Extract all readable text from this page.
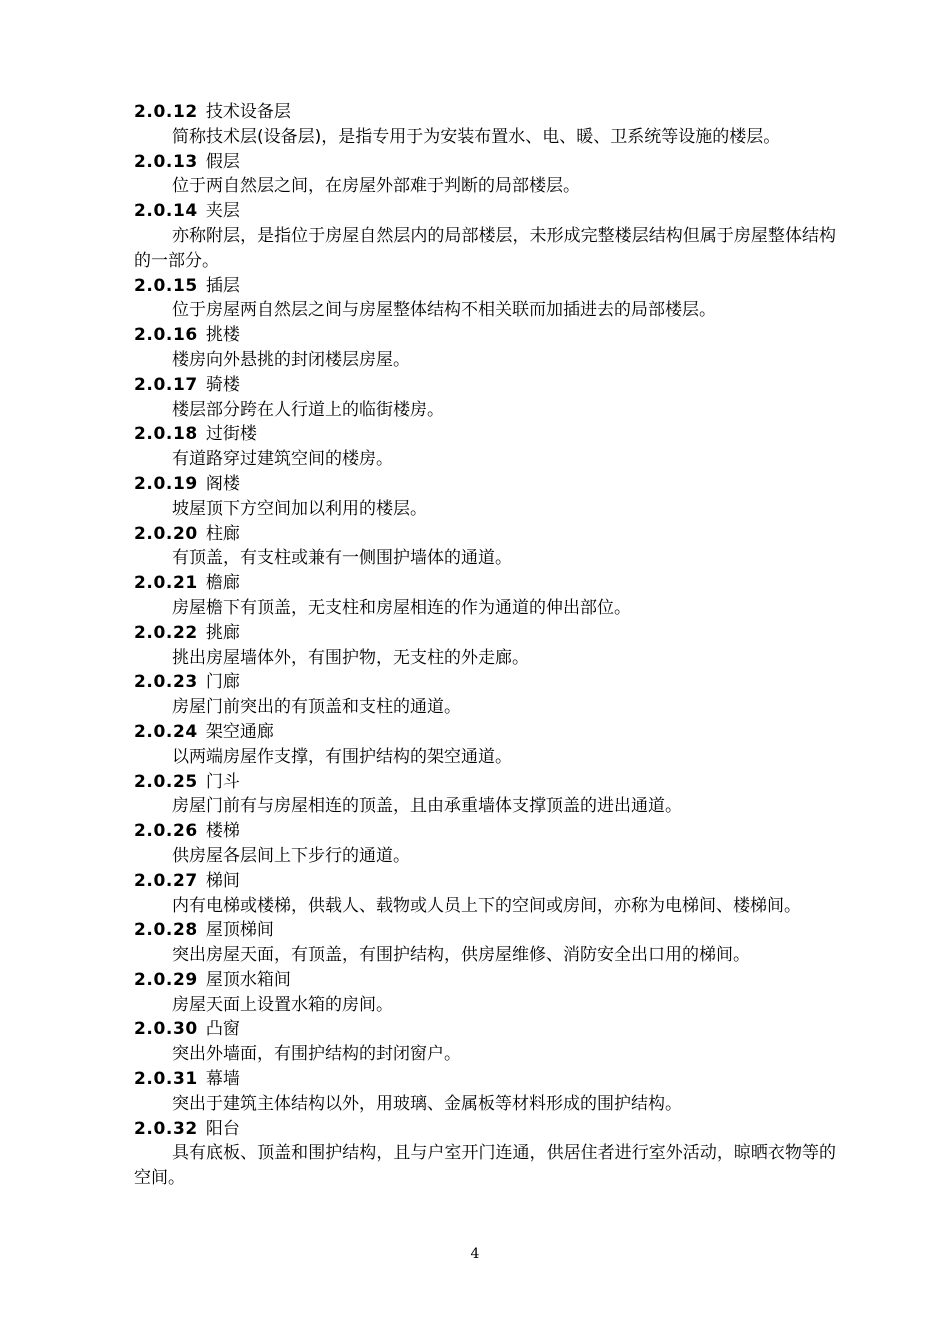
2.0.12 技术设备层

简称技术层(设备层)，是指专用于为安装布置水、电、暖、卫系统等设施的楼层。

2.0.13 假层

位于两自然层之间，在房屋外部难于判断的局部楼层。

2.0.14 夹层

亦称附层，是指位于房屋自然层内的局部楼层，未形成完整楼层结构但属于房屋整体结构的一部分。

2.0.15 插层

位于房屋两自然层之间与房屋整体结构不相关联而加插进去的局部楼层。

2.0.16 挑楼

楼房向外悬挑的封闭楼层房屋。

2.0.17 骑楼

楼层部分跨在人行道上的临街楼房。

2.0.18 过街楼

有道路穿过建筑空间的楼房。

2.0.19 阁楼

坡屋顶下方空间加以利用的楼层。

2.0.20 柱廊

有顶盖，有支柱或兼有一侧围护墙体的通道。

2.0.21 檐廊

房屋檐下有顶盖，无支柱和房屋相连的作为通道的伸出部位。

2.0.22 挑廊

挑出房屋墙体外，有围护物，无支柱的外走廊。

2.0.23 门廊

房屋门前突出的有顶盖和支柱的通道。

2.0.24 架空通廊

以两端房屋作支撑，有围护结构的架空通道。

2.0.25 门斗

房屋门前有与房屋相连的顶盖，且由承重墙体支撑顶盖的进出通道。

2.0.26 楼梯

供房屋各层间上下步行的通道。

2.0.27 梯间

内有电梯或楼梯，供载人、载物或人员上下的空间或房间，亦称为电梯间、楼梯间。

2.0.28 屋顶梯间

突出房屋天面，有顶盖，有围护结构，供房屋维修、消防安全出口用的梯间。

2.0.29 屋顶水箱间

房屋天面上设置水箱的房间。

2.0.30 凸窗

突出外墙面，有围护结构的封闭窗户。

2.0.31 幕墙

突出于建筑主体结构以外，用玻璃、金属板等材料形成的围护结构。

2.0.32 阳台

具有底板、顶盖和围护结构，且与户室开门连通，供居住者进行室外活动，晾晒衣物等的空间。

4
